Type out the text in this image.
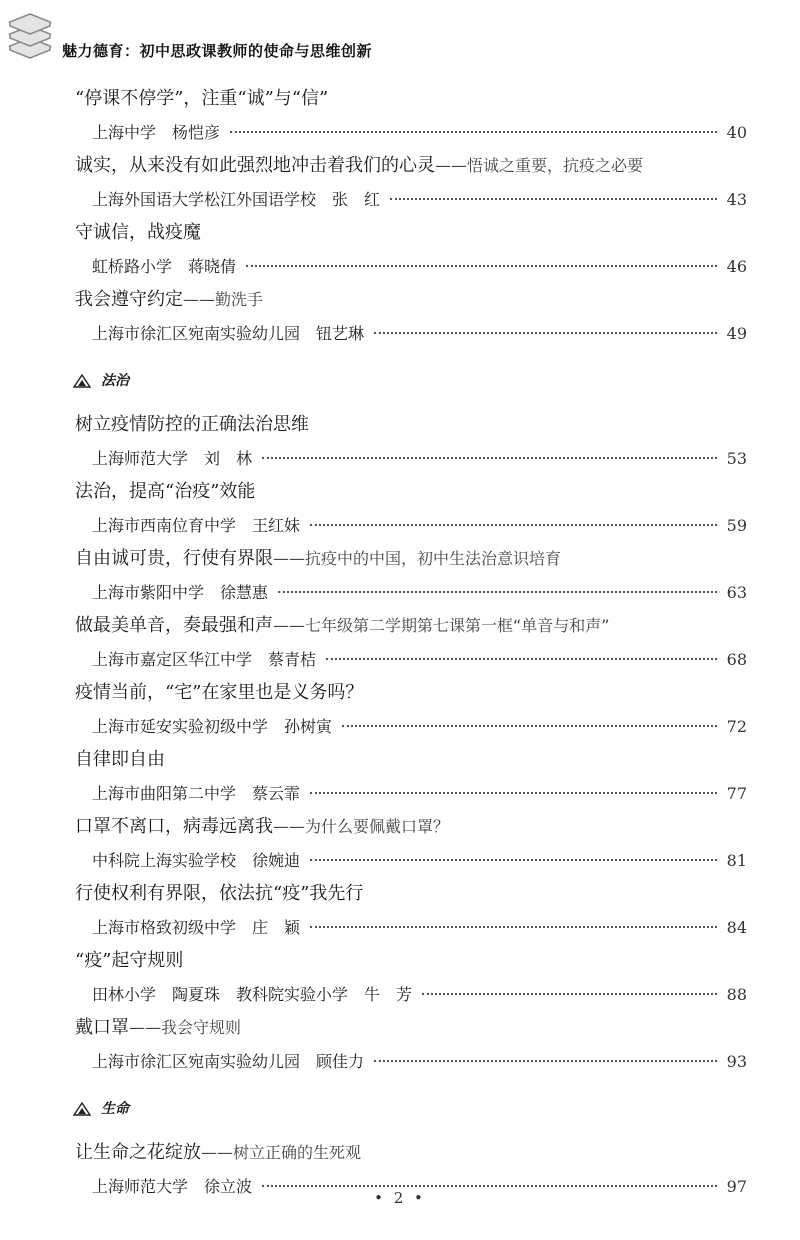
魅力德育：初中思政课教师的使命与思维创新
“停课不停学”，注重“诚”与“信”
上海中学　杨恺彦	40
诚实，从来没有如此强烈地冲击着我们的心灵——悟诚之重要，抗疫之必要
上海外国语大学松江外国语学校　张　红	43
守诚信，战疫魔
虹桥路小学　蒋晓倩	46
我会遵守约定——勤洗手
上海市徐汇区宛南实验幼儿园　钮艺琳	49
法治
树立疫情防控的正确法治思维
上海师范大学　刘　林	53
法治，提高“治疫”效能
上海市西南位育中学　王红妹	59
自由诚可贵，行使有界限——抗疫中的中国，初中生法治意识培育
上海市紫阳中学　徐慧惠	63
做最美单音，奏最强和声——七年级第二学期第七课第一框“单音与和声”
上海市嘉定区华江中学　蔡青桔	68
疫情当前，“宅”在家里也是义务吗？
上海市延安实验初级中学　孙树寅	72
自律即自由
上海市曲阳第二中学　蔡云霏	77
口罩不离口，病毒远离我——为什么要佩戴口罩？
中科院上海实验学校　徐婉迪	81
行使权利有界限，依法抗“疫”我先行
上海市格致初级中学　庄　颖	84
“疫”起守规则
田林小学　陶夏珠　教科院实验小学　牛　芳	88
戴口罩——我会守规则
上海市徐汇区宛南实验幼儿园　顾佳力	93
生命
让生命之花绽放——树立正确的生死观
上海师范大学　徐立波	97
• 2 •
